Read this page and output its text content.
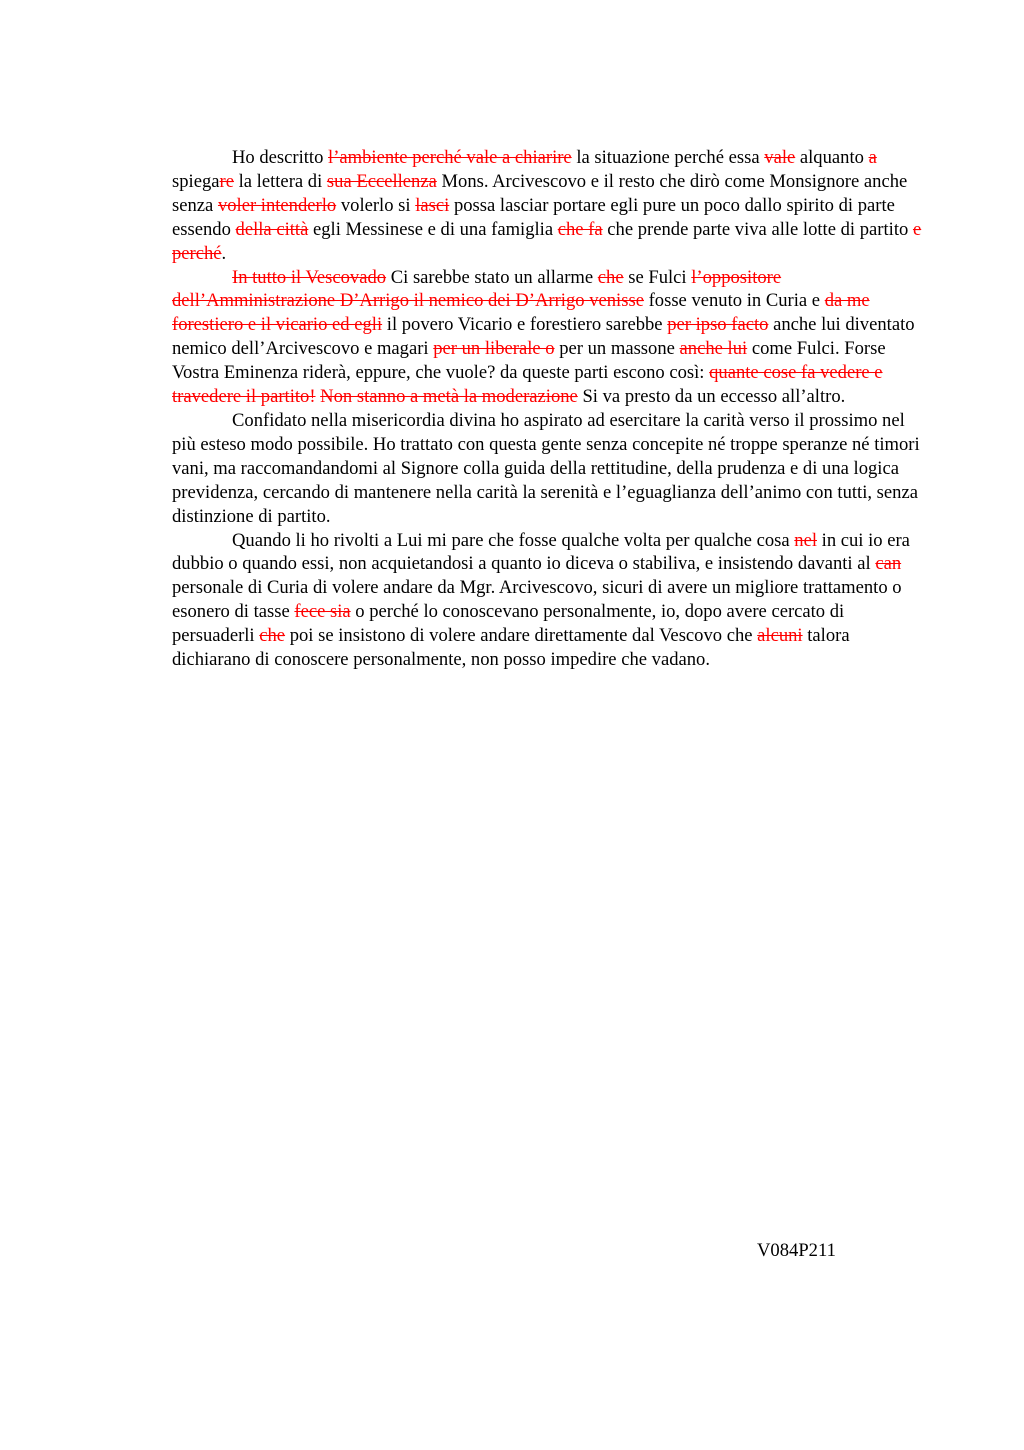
Ho descritto l’ambiente perché vale a chiarire la situazione perché essa vale alquanto a spiegare la lettera di sua Eccellenza Mons. Arcivescovo e il resto che dirò come Monsignore anche senza voler intenderlo volerlo si lasci possa lasciar portare egli pure un poco dallo spirito di parte essendo della città egli Messinese e di una famiglia che fa che prende parte viva alle lotte di partito e perché.

In tutto il Vescovado Ci sarebbe stato un allarme che se Fulci l’oppositore dell’Amministrazione D’Arrigo il nemico dei D’Arrigo venisse fosse venuto in Curia e da me forestiero e il vicario ed egli il povero Vicario e forestiero sarebbe per ipso facto anche lui diventato nemico dell’Arcivescovo e magari per un liberale o per un massone anche lui come Fulci. Forse Vostra Eminenza riderà, eppure, che vuole? da queste parti escono così: quante cose fa vedere e travedere il partito! Non stanno a metà la moderazione Si va presto da un eccesso all’altro.

Confidato nella misericordia divina ho aspirato ad esercitare la carità verso il prossimo nel più esteso modo possibile. Ho trattato con questa gente senza concepite né troppe speranze né timori vani, ma raccomandandomi al Signore colla guida della rettitudine, della prudenza e di una logica previdenza, cercando di mantenere nella carità la serenità e l’eguaglianza dell’animo con tutti, senza distinzione di partito.

Quando li ho rivolti a Lui mi pare che fosse qualche volta per qualche cosa nel in cui io era dubbio o quando essi, non acquietandosi a quanto io diceva o stabiliva, e insistendo davanti al can personale di Curia di volere andare da Mgr. Arcivescovo, sicuri di avere un migliore trattamento o esonero di tasse fece sia o perché lo conoscevano personalmente, io, dopo avere cercato di persuaderli che poi se insistono di volere andare direttamente dal Vescovo che alcuni talora dichiarano di conoscere personalmente, non posso impedire che vadano.

V084P211
